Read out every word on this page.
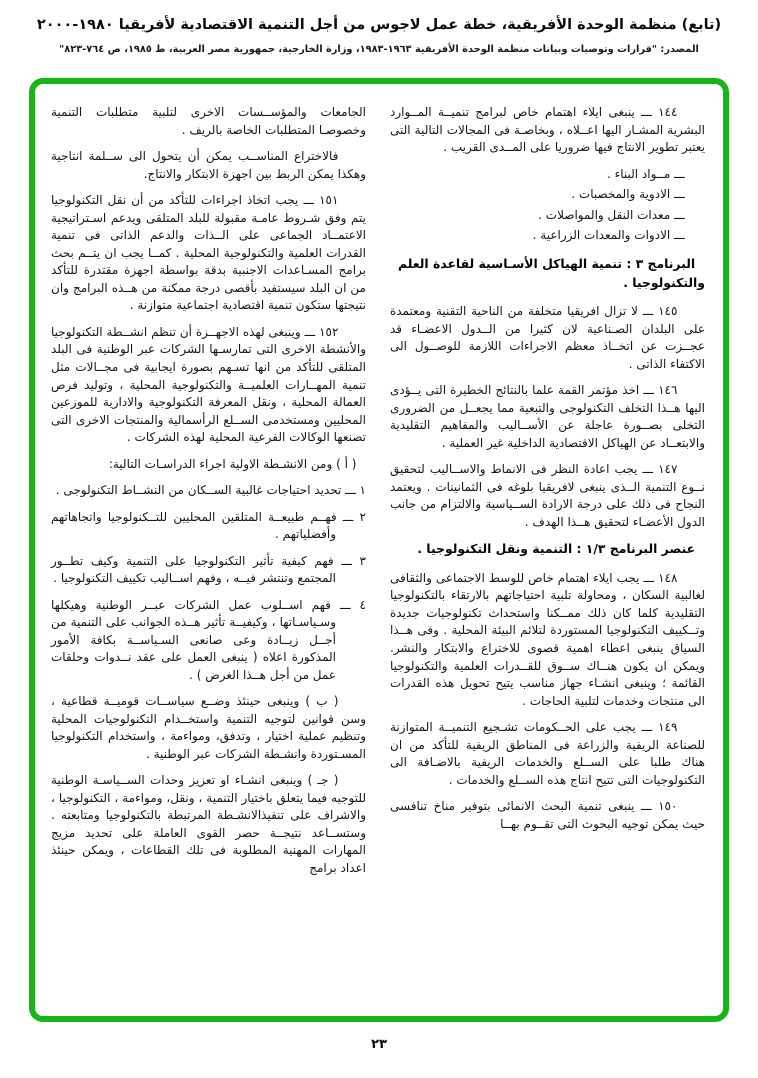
(تابع) منظمة الوحدة الأفريقية، خطة عمل لاجوس من أجل التنمية الاقتصادية لأفريقيا ١٩٨٠-٢٠٠٠
المصدر: "قرارات وتوصيات وبيانات منظمة الوحدة الأفريقية ١٩٦٣-١٩٨٣، وزارة الخارجية، جمهورية مصر العربية، ط ١٩٨٥، ص ٧٦٤-٨٢٣"

١٤٤ ـــ ينبغى ايلاء اهتمام خاص لبرامج تنميــة المــوارد البشرية المشـار اليها اعــلاه ، وبخاصـة فى المجالات التالية التى يعتبر تطوير الانتاج فيها ضروريا على المــدى القريب .

ـــ مــواد البناء .

ـــ الادوية والمخصبات .

ـــ معدات النقل والمواصلات .

ـــ الادوات والمعدات الزراعية .

البرنامج ٣ : تنمية الهياكل الأسـاسية لقاعدة العلم والتكنولوجيا .

١٤٥ ـــ لا تزال افريقيا متخلفة من الناحية التقنية ومعتمدة على البلدان الصـناعية لان كثيرا من الــدول الاعضـاء قد عجــزت عن اتخــاذ معظم الاجراءات اللازمة للوصــول الى الاكتفاء الذاتى .

١٤٦ ـــ اخذ مؤتمر القمة علما بالنتائج الخطيرة التى يــؤدى اليها هــذا التخلف التكنولوجى والتبعية مما يجعــل من الضرورى التخلى بصــورة عاجلة عن الأســاليب والمفاهيم التقليدية والابتعــاد عن الهياكل الاقتصادية الداخلية غير العملية .

١٤٧ ـــ يجب اعادة النظر فى الانماط والاســاليب لتحقيق نــوع التنمية الــذى ينبغى لافريقيا بلوغه فى الثمانينات . ويعتمد النجاح فى ذلك على درجة الارادة الســياسية والالتزام من جانب الدول الأعضـاء لتحقيق هــذا الهدف .

عنصر البرنامج ١/٣ : التنمية ونقل التكنولوجيا .

١٤٨ ـــ يجب ايلاء اهتمام خاص للوسط الاجتماعى والثقافى لغالبية السكان ، ومحاولة تلبية احتياجاتهم بالارتقاء بالتكنولوجيا التقليدية كلما كان ذلك ممــكنا واستحداث تكنولوجيات جديدة وتــكييف التكنولوجيا المستوردة لتلائم البيئة المحلية . وفى هــذا السياق ينبغى اعطاء اهمية قصوى للاختراع والابتكار والنشر. ويمكن ان يكون هنــاك ســوق للقــدرات العلمية والتكنولوجيا القائمة ؛ وينبغى انشـاء جهاز مناسب يتيح تحويل هذه القدرات الى منتجات وخدمات لتلبية الحاجات .

١٤٩ ـــ يجب على الحــكومات تشـجيع التنميــة المتوازنة للصناعة الريفية والزراعة فى المناطق الريفية للتأكد من ان هناك طلبا على الســلع والخدمات الريفية بالاضـافة الى التكنولوجيات التى تتيح انتاج هذه الســلع والخدمات .

١٥٠ ـــ ينبغى تنمية البحث الانمائى بتوفير مناخ تنافسى حيث يمكن توجيه البحوث التى تقــوم بهــا

الجامعات والمؤســسات الاخرى لتلبية متطلبات التنمية وخصوصـا المتطلبات الخاصة بالريف .

فالاختراع المناســب يمكن أن يتحول الى ســلمة انتاجية وهكذا يمكن الربط بين اجهزة الابتكار والانتاج.

١٥١ ـــ يجب اتخاذ اجراءات للتأكد من أن نقل التكنولوجيا يتم وفق شـروط عامـة مقبولة للبلد المتلقى ويدعم اسـتراتيجية الاعتمــاد الجماعى على الــذات والدعم الذاتى فى تنمية القدرات العلمية والتكنولوجية المحلية . كمــا يجب ان يتــم بحث برامج المسـاعدات الاجنبية بدقة بواسطة اجهزة مقتدرة للتأكد من ان البلد سيستفيد بأقصى درجة ممكنة من هــذه البرامج وان نتيجتها ستكون تنمية اقتصادية اجتماعية متوازنة .

١٥٢ ـــ وينبغى لهذه الاجهــزة أن تنظم انشــطة التكنولوجيا والأنشطة الاخرى التى تمارسـها الشركات عبر الوطنية فى البلد المتلقى للتأكد من انها تسـهم بصورة ايجابية فى مجــالات مثل تنمية المهــارات العلميــة والتكنولوجية المحلية ، وتوليد فرص العمالة المحلية ، ونقل المعرفة التكنولوجية والادارية للموزعين المحليين ومستخدمى الســلع الرأسمالية والمنتجات الاخرى التى تصنعها الوكالات الفرعية المحلية لهذه الشركات .

( أ ) ومن الانشـطة الاولية اجراء الدراسـات التالية:

١ ـــ تحديد احتياجات غالبية الســكان من النشــاط التكنولوجى .

٢ ـــ فهــم طبيعــة المتلقين المحليين للتــكنولوجيا واتجاهاتهم وأفضلياتهم .

٣ ـــ فهم كيفية تأثير التكنولوجيا على التنمية وكيف تطــور المجتمع وتنتشر فيــه ، وفهم اســاليب تكييف التكنولوجيا .

٤ ـــ فهم اســلوب عمل الشركات عبــر الوطنية وهيكلها وسـياسـاتها ، وكيفيــة تأثير هــذه الجوانب على التنمية من أجــل زيــادة وعى صانعى السـياســة بكافة الأمور المذكورة اعلاه ( ينبغى العمل على عقد نــدوات وحلقات عمل من أجل هــذا الغرض ) .

( ب ) وينبغى حينئذ وضــع سياســات قوميــة قطاعية ، وسن قوانين لتوجيه التنمية واستخــدام التكنولوجيات المحلية وتنظيم عملية اختيار ، وتدفق، ومواءمة ، واستخدام التكنولوجيا المسـتوردة وانشـطة الشركات عبر الوطنية .

( جـ ) وينبغى انشـاء او تعزيز وحدات الســياسـة الوطنية للتوجيه فيما يتعلق باختيار التنمية ، ونقل، ومواءمة ، التكنولوجيا ، والاشراف على تنفيذالانشـطة المرتبطة بالتكنولوجيا ومتابعته . وستســاعد نتيجــة حصر القوى العاملة على تحديد مزيج المهارات المهنية المطلوبة فى تلك القطاعات ، ويمكن حينئذ اعداد برامج

٢٣
